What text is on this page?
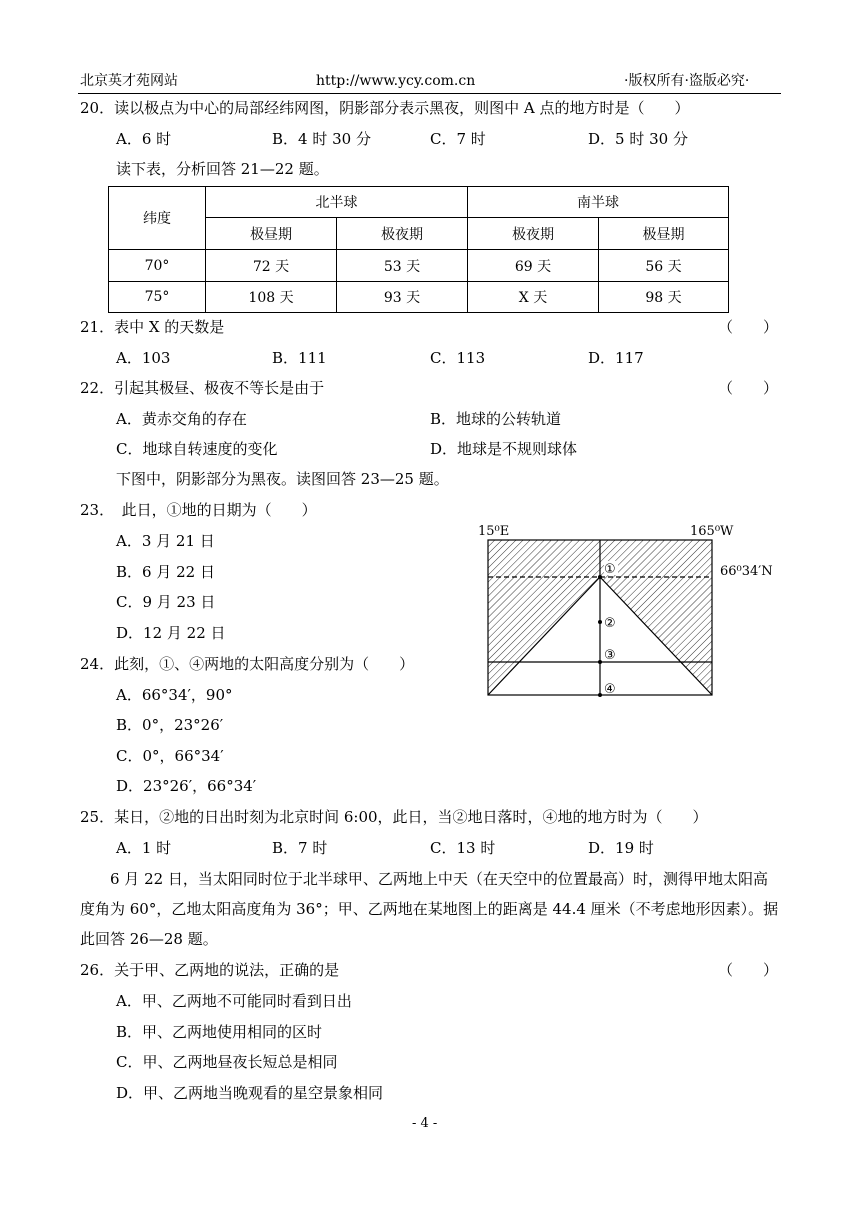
北京英才苑网站	http://www.ycy.com.cn	·版权所有·盗版必究·
20．读以极点为中心的局部经纬网图，阴影部分表示黑夜，则图中 A 点的地方时是（　　）
A．6 时	B．4 时 30 分	C．7 时	D．5 时 30 分
读下表，分析回答 21—22 题。
纬度	北半球		南半球	
	极昼期	极夜期	极夜期	极昼期
70°	72 天	53 天	69 天	56 天
75°	108 天	93 天	X 天	98 天
21．表中 X 的天数是	（　　）
A．103	B．111	C．113	D．117
22．引起其极昼、极夜不等长是由于	（　　）
A．黄赤交角的存在	B．地球的公转轨道
C．地球自转速度的变化	D．地球是不规则球体
下图中，阴影部分为黑夜。读图回答 23—25 题。
23．　此日，①地的日期为（　　）
A．3 月 21 日
B．6 月 22 日
C．9 月 23 日
D．12 月 22 日
15⁰E	165⁰W
66⁰34′N
①
②
③
④
24．此刻，①、④两地的太阳高度分别为（　　）
A．66°34′，90°
B．0°，23°26′
C．0°，66°34′
D．23°26′，66°34′
25．某日，②地的日出时刻为北京时间 6:00，此日，当②地日落时，④地的地方时为（　　）
A．1 时	B．7 时	C．13 时	D．19 时
6 月 22 日，当太阳同时位于北半球甲、乙两地上中天（在天空中的位置最高）时，测得甲地太阳高度角为 60°，乙地太阳高度角为 36°；甲、乙两地在某地图上的距离是 44.4 厘米（不考虑地形因素）。据此回答 26—28 题。
26．关于甲、乙两地的说法，正确的是	（　　）
A．甲、乙两地不可能同时看到日出
B．甲、乙两地使用相同的区时
C．甲、乙两地昼夜长短总是相同
D．甲、乙两地当晚观看的星空景象相同
- 4 -
